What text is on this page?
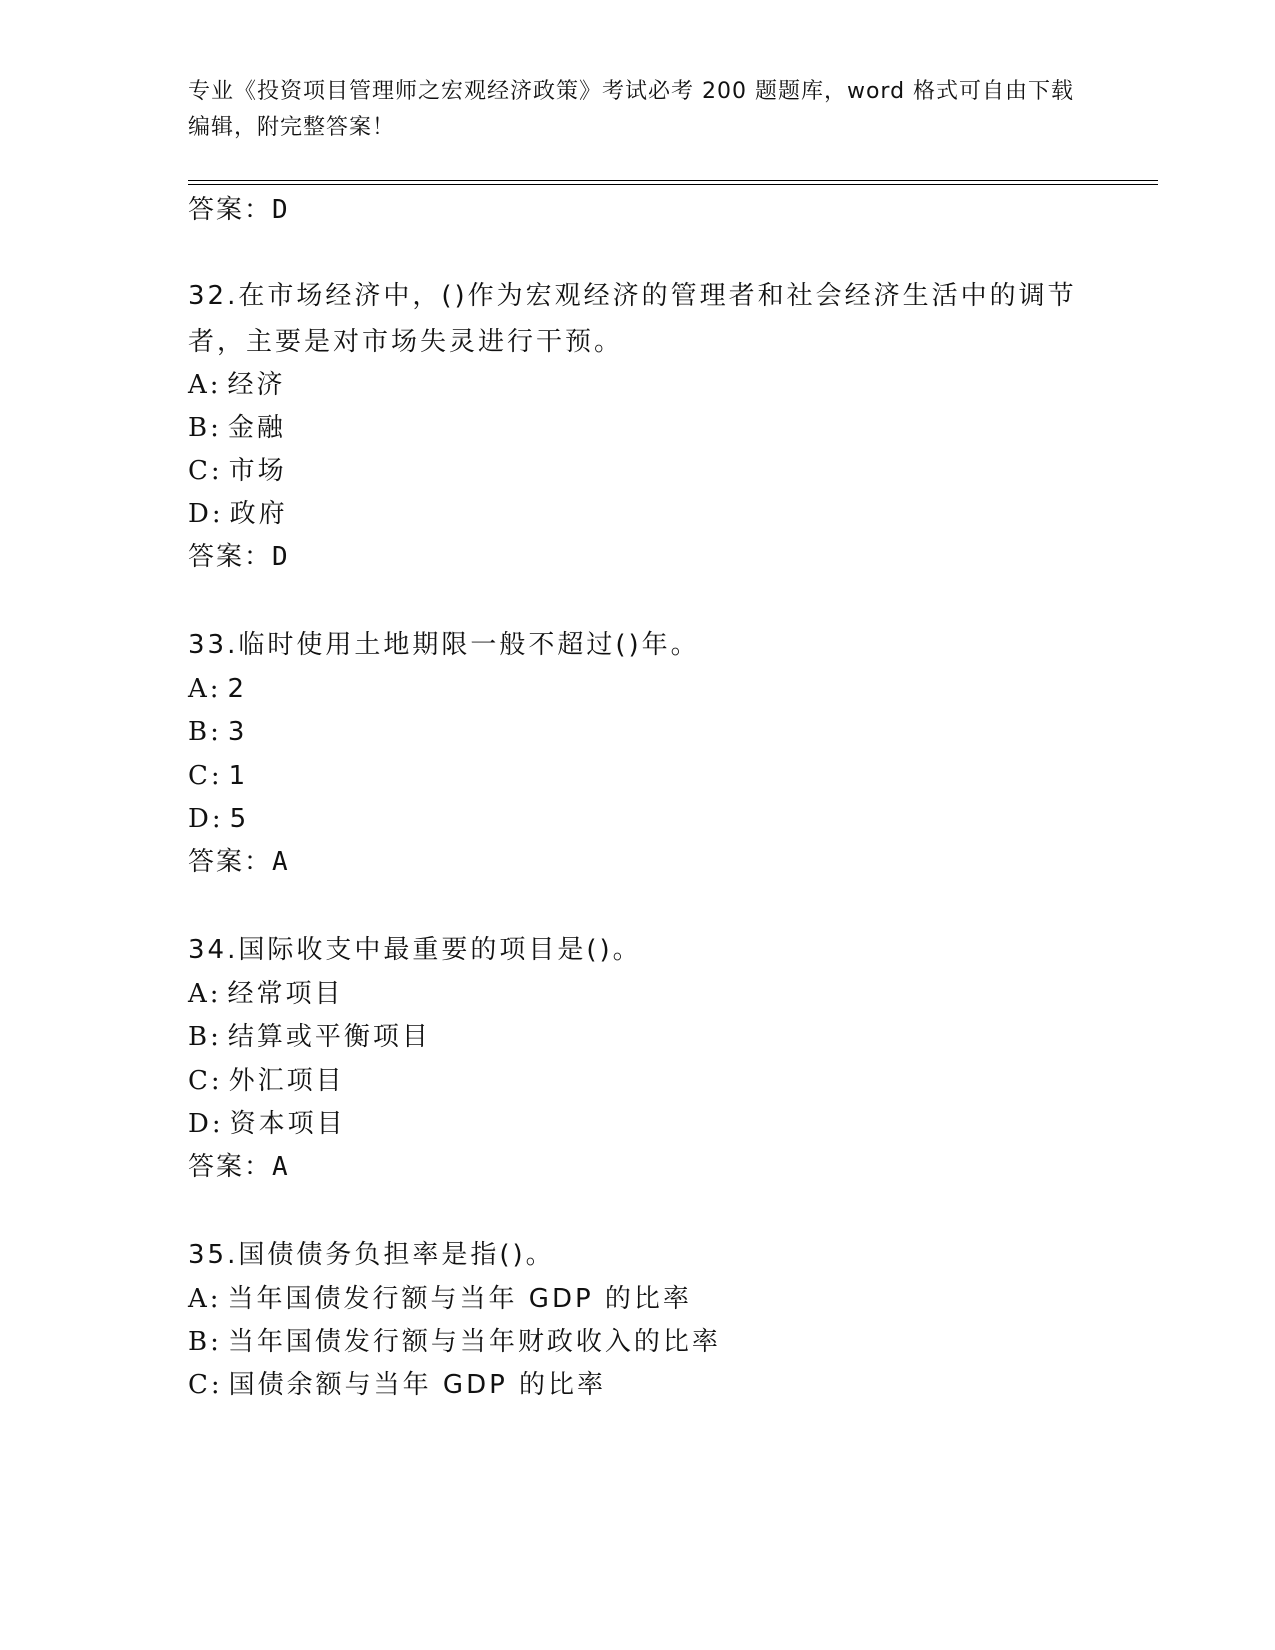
专业《投资项目管理师之宏观经济政策》考试必考 200 题题库，word 格式可自由下载编辑，附完整答案！
答案：D
32.在市场经济中，()作为宏观经济的管理者和社会经济生活中的调节者，主要是对市场失灵进行干预。
A: 经济
B: 金融
C: 市场
D: 政府
答案：D
33.临时使用土地期限一般不超过()年。
A: 2
B: 3
C: 1
D: 5
答案：A
34.国际收支中最重要的项目是()。
A: 经常项目
B: 结算或平衡项目
C: 外汇项目
D: 资本项目
答案：A
35.国债债务负担率是指()。
A: 当年国债发行额与当年 GDP 的比率
B: 当年国债发行额与当年财政收入的比率
C: 国债余额与当年 GDP 的比率
